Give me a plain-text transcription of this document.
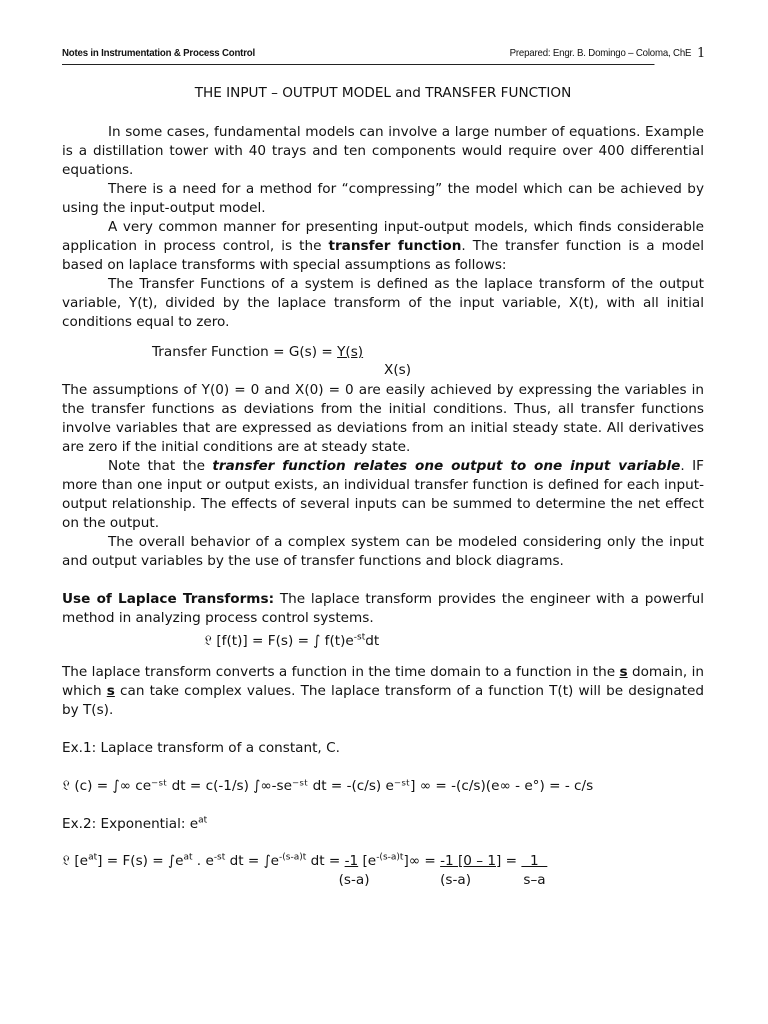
Notes in Instrumentation & Process Control	Prepared: Engr. B. Domingo – Coloma, ChE 1
THE INPUT – OUTPUT MODEL and TRANSFER FUNCTION

In some cases, fundamental models can involve a large number of equations. Example is a distillation tower with 40 trays and ten components would require over 400 differential equations.

There is a need for a method for “compressing” the model which can be achieved by using the input-output model.

A very common manner for presenting input-output models, which finds considerable application in process control, is the transfer function. The transfer function is a model based on laplace transforms with special assumptions as follows:

The Transfer Functions of a system is defined as the laplace transform of the output variable, Y(t), divided by the laplace transform of the input variable, X(t), with all initial conditions equal to zero.

Transfer Function = G(s) = Y(s)
X(s)

The assumptions of Y(0) = 0 and X(0) = 0 are easily achieved by expressing the variables in the transfer functions as deviations from the initial conditions. Thus, all transfer functions involve variables that are expressed as deviations from an initial steady state. All derivatives are zero if the initial conditions are at steady state.

Note that the transfer function relates one output to one input variable. IF more than one input or output exists, an individual transfer function is defined for each input-output relationship. The effects of several inputs can be summed to determine the net effect on the output.

The overall behavior of a complex system can be modeled considering only the input and output variables by the use of transfer functions and block diagrams.

Use of Laplace Transforms: The laplace transform provides the engineer with a powerful method in analyzing process control systems.

𝔏 [f(t)] = F(s) = ∫ $f(t)e^{-st}dt$

The laplace transform converts a function in the time domain to a function in the s domain, in which s can take complex values. The laplace transform of a function T(t) will be designated by T(s).

Ex.1: Laplace transform of a constant, C.

𝔏 (c) = ∫∞ ce⁻ˢᵗ dt = c(-1/s) ∫∞-se⁻ˢᵗ dt = -(c/s) e⁻ˢᵗ] ∞ = -(c/s)(e∞ - e°) = - c/s

Ex.2: Exponential: $e^{at}$

𝔏 $[e^{at}] = F(s) = \int e^{at}$ . $e^{-st}$ dt = $\int e^{-(s-a)t}$ dt = $\frac{-1}{(s-a)} [e^{-(s-a)t}]\infty = \frac{-1 [0 - 1]}{(s-a)} = \frac{1}{s-a}$
